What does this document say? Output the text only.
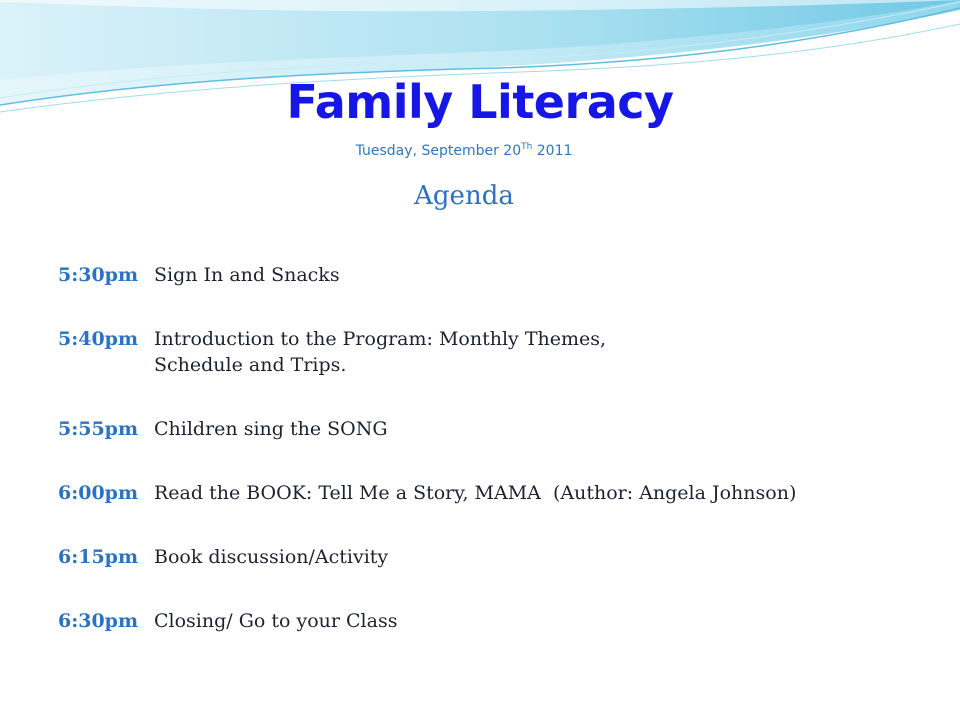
Family Literacy
Tuesday, September 20Th 2011
Agenda
5:30pm Sign In and Snacks
5:40pm Introduction to the Program: Monthly Themes,
Schedule and Trips.
5:55pm Children sing the SONG
6:00pm Read the BOOK: Tell Me a Story, MAMA  (Author: Angela Johnson)
6:15pm Book discussion/Activity
6:30pm Closing/ Go to your Class
